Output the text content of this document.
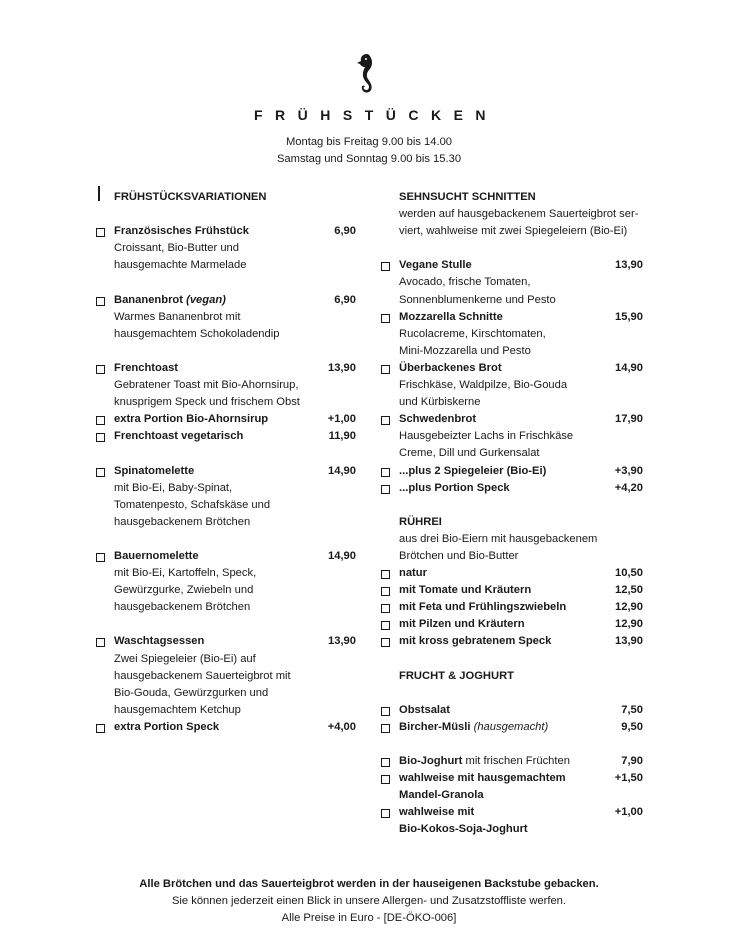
FRÜHSTÜCKEN
Montag bis Freitag 9.00 bis 14.00
Samstag und Sonntag 9.00 bis 15.30
FRÜHSTÜCKSVARIATIONEN
Französisches Frühstück	6,90
Croissant, Bio-Butter und
hausgemachte Marmelade
Bananenbrot (vegan)	6,90
Warmes Bananenbrot mit
hausgemachtem Schokoladendip
Frenchtoast	13,90
Gebratener Toast mit Bio-Ahornsirup,
knusprigem Speck und frischem Obst
extra Portion Bio-Ahornsirup	+1,00
Frenchtoast vegetarisch	11,90
Spinatomelette	14,90
mit Bio-Ei, Baby-Spinat,
Tomatenpesto, Schafskäse und
hausgebackenem Brötchen
Bauernomelette	14,90
mit Bio-Ei, Kartoffeln, Speck,
Gewürzgurke, Zwiebeln und
hausgebackenem Brötchen
Waschtagsessen	13,90
Zwei Spiegeleier (Bio-Ei) auf
hausgebackenem Sauerteigbrot mit
Bio-Gouda, Gewürzgurken und
hausgemachtem Ketchup
extra Portion Speck	+4,00
SEHNSUCHT SCHNITTEN
werden auf hausgebackenem Sauerteigbrot ser-
viert, wahlweise mit zwei Spiegeleiern (Bio-Ei)
Vegane Stulle	13,90
Avocado, frische Tomaten,
Sonnenblumenkerne und Pesto
Mozzarella Schnitte	15,90
Rucolacreme, Kirschtomaten,
Mini-Mozzarella und Pesto
Überbackenes Brot	14,90
Frischkäse, Waldpilze, Bio-Gouda
und Kürbiskerne
Schwedenbrot	17,90
Hausgebeizter Lachs in Frischkäse
Creme, Dill und Gurkensalat
...plus 2 Spiegeleier (Bio-Ei)	+3,90
...plus Portion Speck	+4,20
RÜHREI
aus drei Bio-Eiern mit hausgebackenem
Brötchen und Bio-Butter
natur	10,50
mit Tomate und Kräutern	12,50
mit Feta und Frühlingszwiebeln	12,90
mit Pilzen und Kräutern	12,90
mit kross gebratenem Speck	13,90
FRUCHT & JOGHURT
Obstsalat	7,50
Bircher-Müsli (hausgemacht)	9,50
Bio-Joghurt mit frischen Früchten	7,90
wahlweise mit hausgemachtem	+1,50
Mandel-Granola
wahlweise mit	+1,00
Bio-Kokos-Soja-Joghurt
Alle Brötchen und das Sauerteigbrot werden in der hauseigenen Backstube gebacken.
Sie können jederzeit einen Blick in unsere Allergen- und Zusatzstoffliste werfen.
Alle Preise in Euro - [DE-ÖKO-006]
